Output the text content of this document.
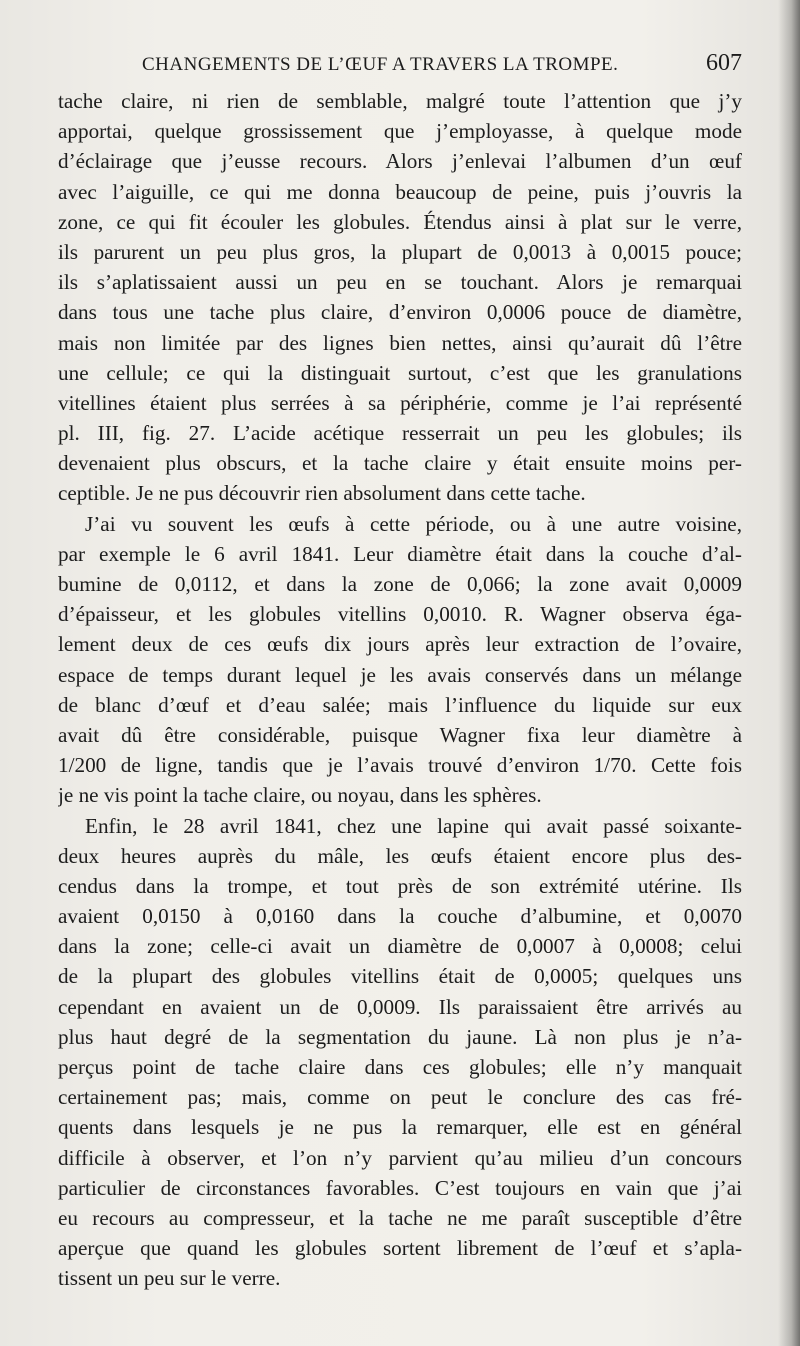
CHANGEMENTS DE L’ŒUF A TRAVERS LA TROMPE.	607
tache claire, ni rien de semblable, malgré toute l’attention que j’y
apportai, quelque grossissement que j’employasse, à quelque mode
d’éclairage que j’eusse recours. Alors j’enlevai l’albumen d’un œuf
avec l’aiguille, ce qui me donna beaucoup de peine, puis j’ouvris la
zone, ce qui fit écouler les globules. Étendus ainsi à plat sur le verre,
ils parurent un peu plus gros, la plupart de 0,0013 à 0,0015 pouce;
ils s’aplatissaient aussi un peu en se touchant. Alors je remarquai
dans tous une tache plus claire, d’environ 0,0006 pouce de diamètre,
mais non limitée par des lignes bien nettes, ainsi qu’aurait dû l’être
une cellule; ce qui la distinguait surtout, c’est que les granulations
vitellines étaient plus serrées à sa périphérie, comme je l’ai représenté
pl. III, fig. 27. L’acide acétique resserrait un peu les globules; ils
devenaient plus obscurs, et la tache claire y était ensuite moins per-
ceptible. Je ne pus découvrir rien absolument dans cette tache.
J’ai vu souvent les œufs à cette période, ou à une autre voisine,
par exemple le 6 avril 1841. Leur diamètre était dans la couche d’al-
bumine de 0,0112, et dans la zone de 0,066; la zone avait 0,0009
d’épaisseur, et les globules vitellins 0,0010. R. Wagner observa éga-
lement deux de ces œufs dix jours après leur extraction de l’ovaire,
espace de temps durant lequel je les avais conservés dans un mélange
de blanc d’œuf et d’eau salée; mais l’influence du liquide sur eux
avait dû être considérable, puisque Wagner fixa leur diamètre à
1/200 de ligne, tandis que je l’avais trouvé d’environ 1/70. Cette fois
je ne vis point la tache claire, ou noyau, dans les sphères.
Enfin, le 28 avril 1841, chez une lapine qui avait passé soixante-
deux heures auprès du mâle, les œufs étaient encore plus des-
cendus dans la trompe, et tout près de son extrémité utérine. Ils
avaient 0,0150 à 0,0160 dans la couche d’albumine, et 0,0070
dans la zone; celle-ci avait un diamètre de 0,0007 à 0,0008; celui
de la plupart des globules vitellins était de 0,0005; quelques uns
cependant en avaient un de 0,0009. Ils paraissaient être arrivés au
plus haut degré de la segmentation du jaune. Là non plus je n’a-
perçus point de tache claire dans ces globules; elle n’y manquait
certainement pas; mais, comme on peut le conclure des cas fré-
quents dans lesquels je ne pus la remarquer, elle est en général
difficile à observer, et l’on n’y parvient qu’au milieu d’un concours
particulier de circonstances favorables. C’est toujours en vain que j’ai
eu recours au compresseur, et la tache ne me paraît susceptible d’être
aperçue que quand les globules sortent librement de l’œuf et s’apla-
tissent un peu sur le verre.
